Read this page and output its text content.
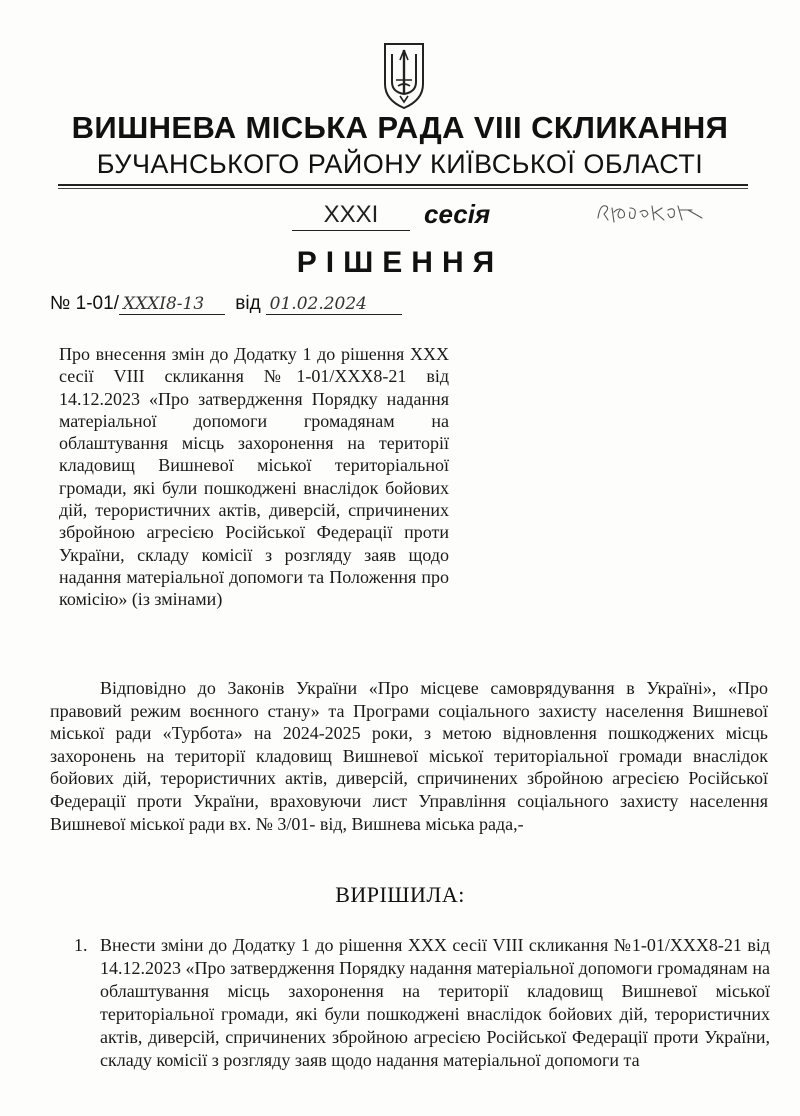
ВИШНЕВА МІСЬКА РАДА VIII СКЛИКАННЯ
БУЧАНСЬКОГО РАЙОНУ КИЇВСЬКОЇ ОБЛАСТІ
XXXI	сесія
РІШЕННЯ
№ 1-01/ XXXI8-13 від 01.02.2024
Про внесення змін до Додатку 1 до рішення XXX сесії VIII скликання №1-01/XXX8-21 від 14.12.2023 «Про затвердження Порядку надання матеріальної допомоги громадянам на облаштування місць захоронення на території кладовищ Вишневої міської територіальної громади, які були пошкоджені внаслідок бойових дій, терористичних актів, диверсій, спричинених збройною агресією Російської Федерації проти України, складу комісії з розгляду заяв щодо надання матеріальної допомоги та Положення про комісію» (із змінами)
Відповідно до Законів України «Про місцеве самоврядування в Україні», «Про правовий режим воєнного стану» та Програми соціального захисту населення Вишневої міської ради «Турбота» на 2024-2025 роки, з метою відновлення пошкоджених місць захоронень на території кладовищ Вишневої міської територіальної громади внаслідок бойових дій, терористичних актів, диверсій, спричинених збройною агресією Російської Федерації проти України, враховуючи лист Управління соціального захисту населення Вишневої міської ради вх. № 3/01- від, Вишнева міська рада,-
ВИРІШИЛА:
1. Внести зміни до Додатку 1 до рішення XXX сесії VIII скликання №1-01/XXX8-21 від 14.12.2023 «Про затвердження Порядку надання матеріальної допомоги громадянам на облаштування місць захоронення на території кладовищ Вишневої міської територіальної громади, які були пошкоджені внаслідок бойових дій, терористичних актів, диверсій, спричинених збройною агресією Російської Федерації проти України, складу комісії з розгляду заяв щодо надання матеріальної допомоги та
